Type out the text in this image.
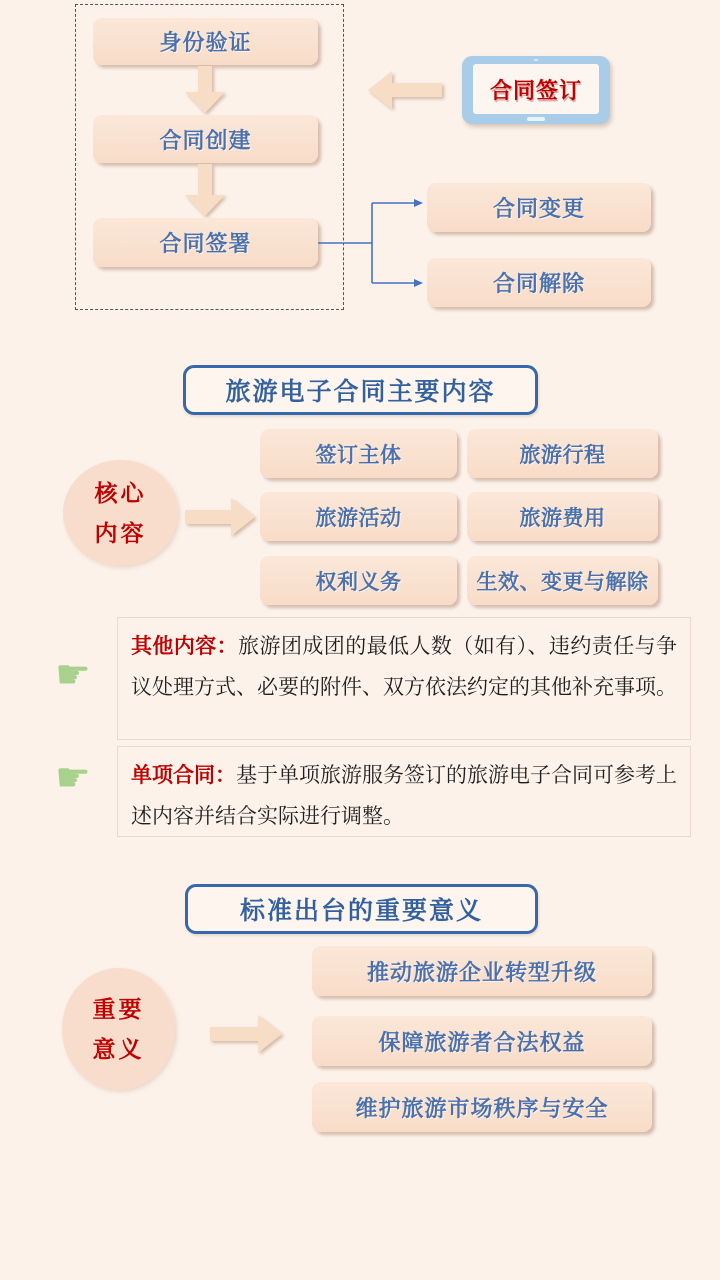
身份验证
合同创建
合同签署
合同签订
合同变更
合同解除
旅游电子合同主要内容
核心
内容
签订主体	旅游行程
旅游活动	旅游费用
权利义务	生效、变更与解除
☛
其他内容：旅游团成团的最低人数（如有）、违约责任与争议处理方式、必要的附件、双方依法约定的其他补充事项。
☛	单项合同：基于单项旅游服务签订的旅游电子合同可参考上述内容并结合实际进行调整。
标准出台的重要意义
重要
意义
推动旅游企业转型升级
保障旅游者合法权益
维护旅游市场秩序与安全
